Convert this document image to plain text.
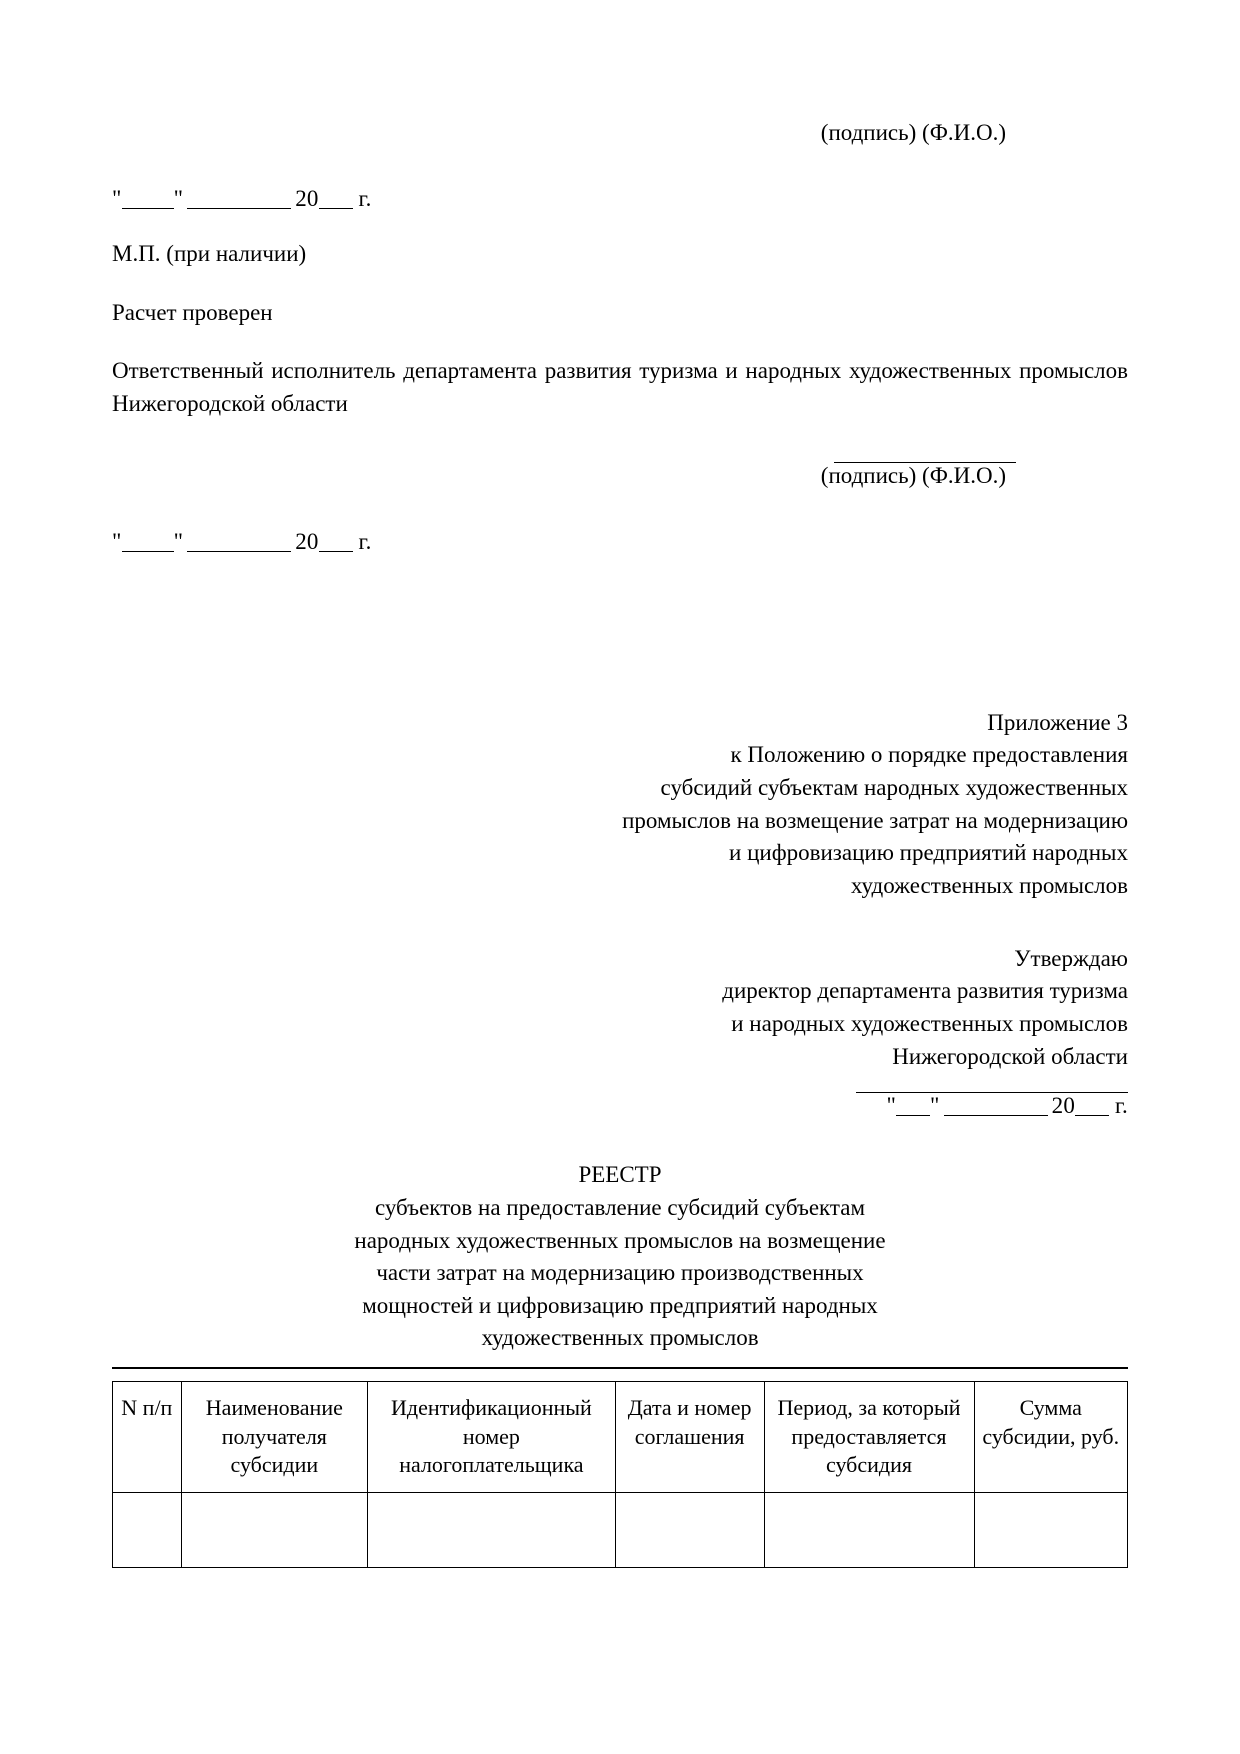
(подпись) (Ф.И.О.)
" "	20 г.
М.П. (при наличии)
Расчет проверен
Ответственный исполнитель департамента развития туризма и народных художественных промыслов Нижегородской области
(подпись) (Ф.И.О.)
" "	20 г.
Приложение 3
к Положению о порядке предоставления
субсидий субъектам народных художественных
промыслов на возмещение затрат на модернизацию
и цифровизацию предприятий народных
художественных промыслов
Утверждаю
директор департамента развития туризма
и народных художественных промыслов
Нижегородской области
" "	20 г.
РЕЕСТР
субъектов на предоставление субсидий субъектам
народных художественных промыслов на возмещение
части затрат на модернизацию производственных
мощностей и цифровизацию предприятий народных
художественных промыслов
N п/п	Наименование получателя субсидии	Идентификационный номер налогоплательщика	Дата и номер соглашения	Период, за который предоставляется субсидия	Сумма субсидии, руб.
